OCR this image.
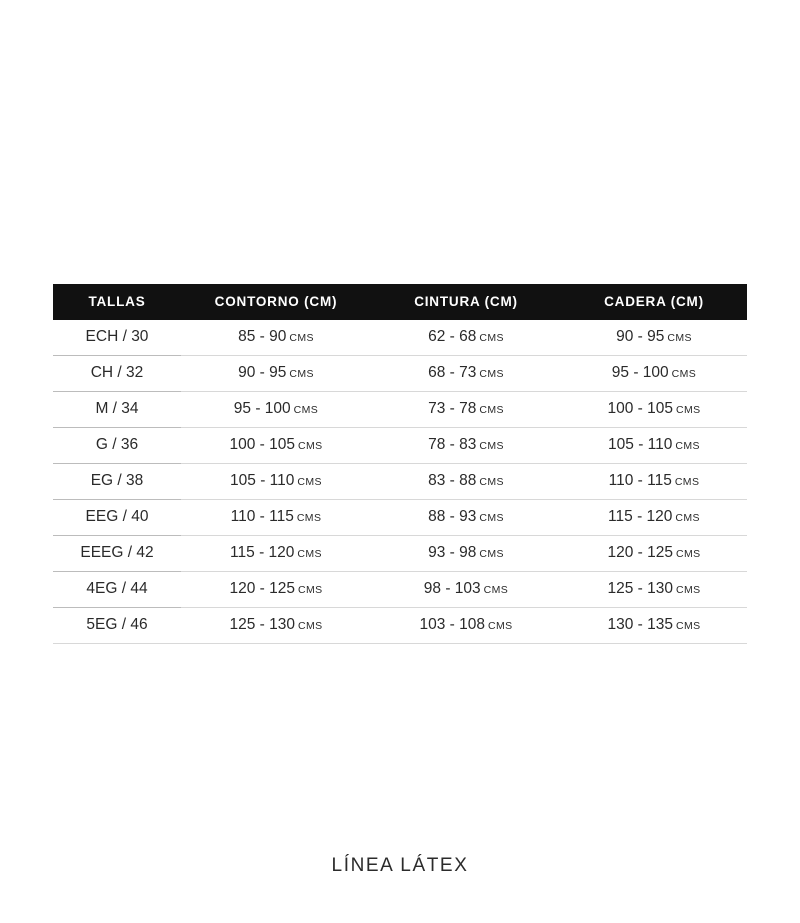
TALLAS	CONTORNO (CM)	CINTURA (CM)	CADERA (CM)
ECH / 30	85 - 90 CMS	62 - 68 CMS	90 - 95 CMS
CH / 32	90 - 95 CMS	68 - 73 CMS	95 - 100 CMS
M / 34	95 - 100 CMS	73 - 78 CMS	100 - 105 CMS
G / 36	100 - 105 CMS	78 - 83 CMS	105 - 110 CMS
EG / 38	105 - 110 CMS	83 - 88 CMS	110 - 115 CMS
EEG / 40	110 - 115 CMS	88 - 93 CMS	115 - 120 CMS
EEEG / 42	115 - 120 CMS	93 - 98 CMS	120 - 125 CMS
4EG / 44	120 - 125 CMS	98 - 103 CMS	125 - 130 CMS
5EG / 46	125 - 130 CMS	103 - 108 CMS	130 - 135 CMS
LÍNEA LÁTEX
